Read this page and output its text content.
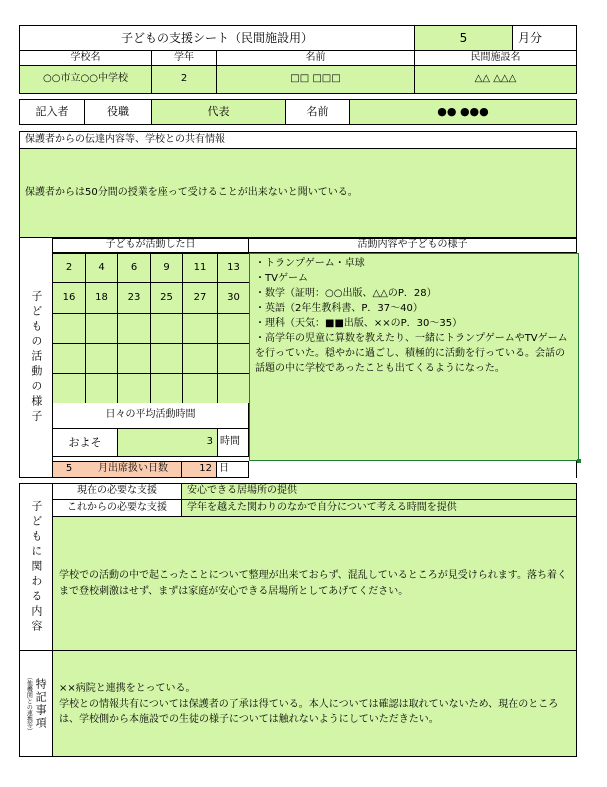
子どもの支援シート（民間施設用）	5	月分
学校名	学年	名前	民間施設名
○○市立○○中学校	2	□□ □□□	△△ △△△
記入者	役職	代表	名前	●● ●●●
保護者からの伝達内容等、学校との共有情報
保護者からは50分間の授業を座って受けることが出来ないと聞いている。
子どもの活動の様子
子どもが活動した日	活動内容や子どもの様子
2	4	6	9	11	13
16	18	23	25	27	30
・トランプゲーム・卓球
・TVゲーム
・数学（証明：○○出版、△△のP．28）
・英語（2年生教科書、P．37～40）
・理科（天気：■■出版、××のP．30～35）
・高学年の児童に算数を教えたり、一緒にトランプゲームやTVゲームを行っていた。穏やかに過ごし、積極的に活動を行っている。会話の話題の中に学校であったことも出てくるようになった。
日々の平均活動時間
およそ	3 時間
5	月出席扱い日数	12 日
子どもに関わる内容
現在の必要な支援	安心できる居場所の提供
これからの必要な支援	学年を越えた関わりのなかで自分について考える時間を提供
学校での活動の中で起こったことについて整理が出来ておらず、混乱しているところが見受けられます。落ち着くまで登校刺激はせず、まずは家庭が安心できる居場所としてあげてください。
特記事項
（他機関との連携等）	××病院と連携をとっている。
学校との情報共有については保護者の了承は得ている。本人については確認は取れていないため、現在のところは、学校側から本施設での生徒の様子については触れないようにしていただきたい。
